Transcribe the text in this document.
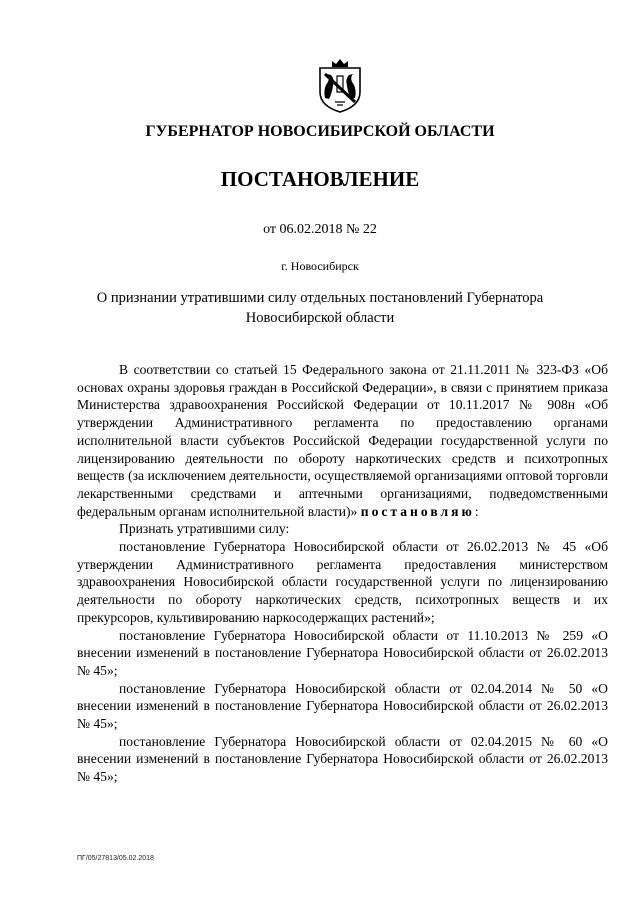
ГУБЕРНАТОР НОВОСИБИРСКОЙ ОБЛАСТИ
ПОСТАНОВЛЕНИЕ
от 06.02.2018 № 22
г. Новосибирск
О признании утратившими силу отдельных постановлений Губернатора
Новосибирской области

В соответствии со статьей 15 Федерального закона от 21.11.2011 № 323-ФЗ «Об основах охраны здоровья граждан в Российской Федерации», в связи с принятием приказа Министерства здравоохранения Российской Федерации от 10.11.2017 № 908н «Об утверждении Административного регламента по предоставлению органами исполнительной власти субъектов Российской Федерации государственной услуги по лицензированию деятельности по обороту наркотических средств и психотропных веществ (за исключением деятельности, осуществляемой организациями оптовой торговли лекарственными средствами и аптечными организациями, подведомственными федеральным органам исполнительной власти)» постановляю:

Признать утратившими силу:

постановление Губернатора Новосибирской области от 26.02.2013 № 45 «Об утверждении Административного регламента предоставления министерством здравоохранения Новосибирской области государственной услуги по лицензированию деятельности по обороту наркотических средств, психотропных веществ и их прекурсоров, культивированию наркосодержащих растений»;

постановление Губернатора Новосибирской области от 11.10.2013 № 259 «О внесении изменений в постановление Губернатора Новосибирской области от 26.02.2013 № 45»;

постановление Губернатора Новосибирской области от 02.04.2014 № 50 «О внесении изменений в постановление Губернатора Новосибирской области от 26.02.2013 № 45»;

постановление Губернатора Новосибирской области от 02.04.2015 № 60 «О внесении изменений в постановление Губернатора Новосибирской области от 26.02.2013 № 45»;

ПГ/05/27813/05.02.2018
